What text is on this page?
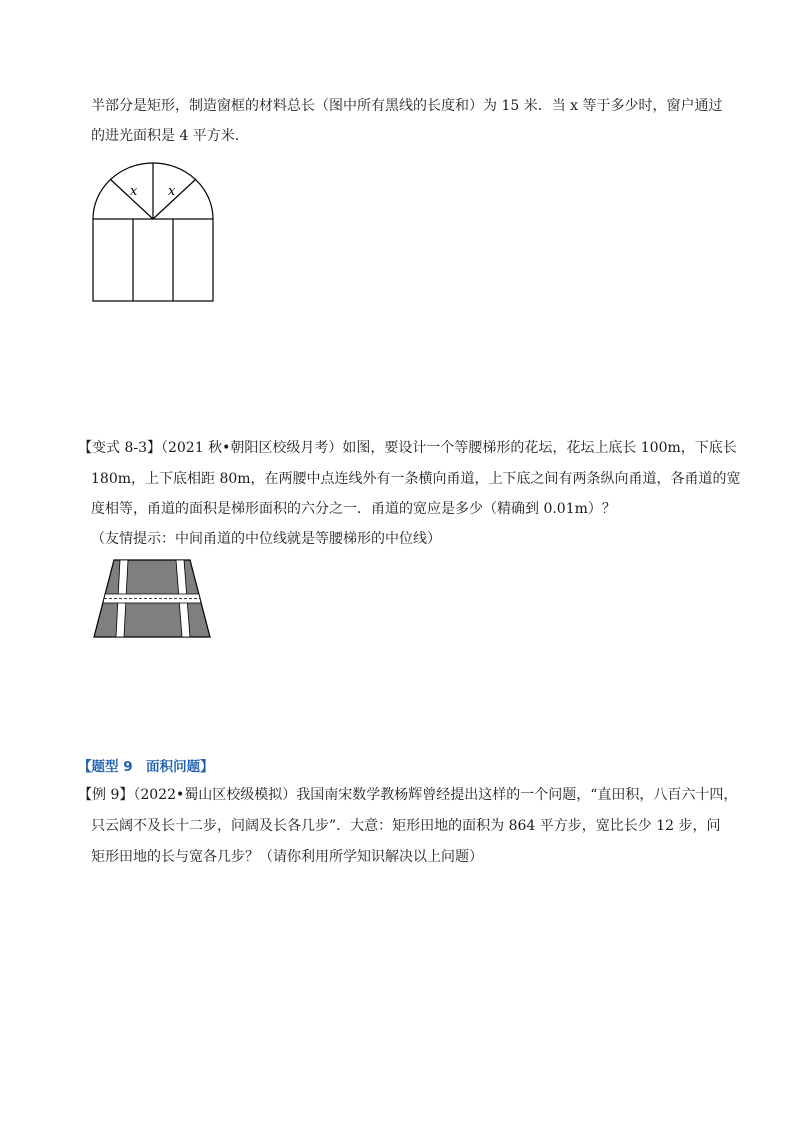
半部分是矩形，制造窗框的材料总长（图中所有黑线的长度和）为 15 米．当 x 等于多少时，窗户通过
的进光面积是 4 平方米.
x x
【变式 8-3】（2021 秋•朝阳区校级月考）如图，要设计一个等腰梯形的花坛，花坛上底长 100m，下底长
180m，上下底相距 80m，在两腰中点连线外有一条横向甬道，上下底之间有两条纵向甬道，各甬道的宽
度相等，甬道的面积是梯形面积的六分之一．甬道的宽应是多少（精确到 0.01m）？
（友情提示：中间甬道的中位线就是等腰梯形的中位线）
【题型 9　面积问题】
【例 9】（2022•蜀山区校级模拟）我国南宋数学教杨辉曾经提出这样的一个问题，“直田积，八百六十四，
只云阔不及长十二步，问阔及长各几步”．大意：矩形田地的面积为 864 平方步，宽比长少 12 步，问
矩形田地的长与宽各几步？（请你利用所学知识解决以上问题）
